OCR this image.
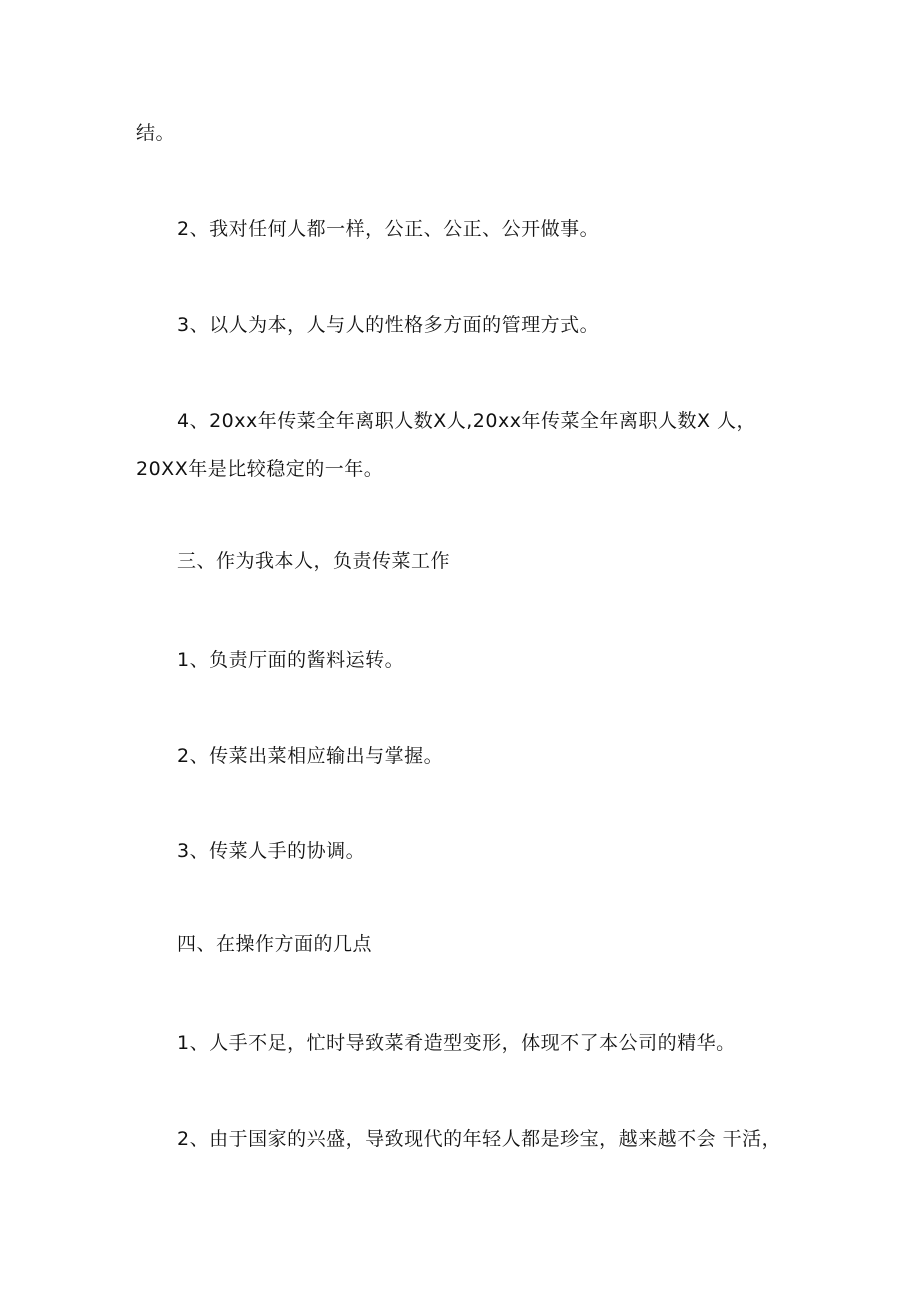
结。
2、我对任何人都一样，公正、公正、公开做事。
3、以人为本，人与人的性格多方面的管理方式。
4、20xx年传菜全年离职人数X人,20xx年传菜全年离职人数X 人，
20XX年是比较稳定的一年。
三、作为我本人，负责传菜工作
1、负责厅面的酱料运转。
2、传菜出菜相应输出与掌握。
3、传菜人手的协调。
四、在操作方面的几点
1、人手不足，忙时导致菜肴造型变形，体现不了本公司的精华。
2、由于国家的兴盛，导致现代的年轻人都是珍宝，越来越不会 干活，
